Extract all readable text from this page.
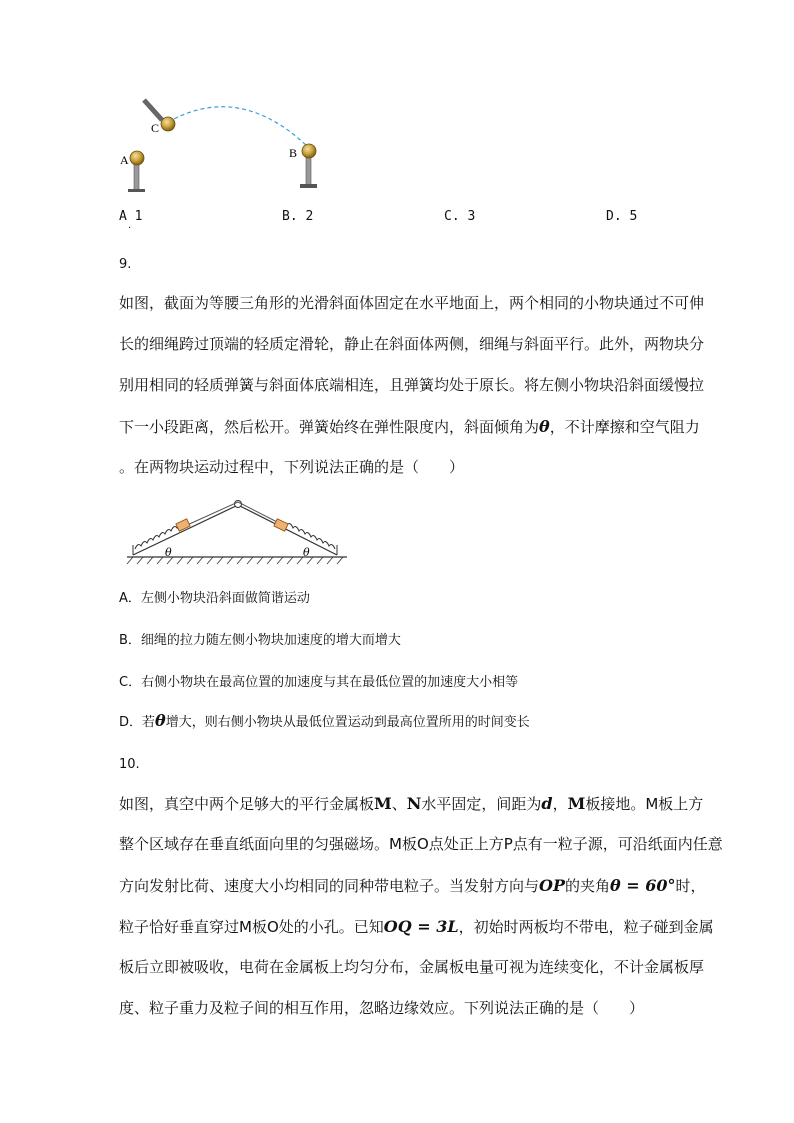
A	B
C
A 1
·
B. 2	C. 3	D. 5
9.
如图，截面为等腰三角形的光滑斜面体固定在水平地面上，两个相同的小物块通过不可伸
长的细绳跨过顶端的轻质定滑轮，静止在斜面体两侧，细绳与斜面平行。此外，两物块分
别用相同的轻质弹簧与斜面体底端相连，且弹簧均处于原长。将左侧小物块沿斜面缓慢拉
下一小段距离，然后松开。弹簧始终在弹性限度内，斜面倾角为θ，不计摩擦和空气阻力
。在两物块运动过程中，下列说法正确的是（　　）
θ	θ
A．左侧小物块沿斜面做简谐运动
B．细绳的拉力随左侧小物块加速度的增大而增大
C．右侧小物块在最高位置的加速度与其在最低位置的加速度大小相等
D．若θ增大，则右侧小物块从最低位置运动到最高位置所用的时间变长
10.
如图，真空中两个足够大的平行金属板M、N水平固定，间距为d，M板接地。M板上方
整个区域存在垂直纸面向里的匀强磁场。M板O点处正上方P点有一粒子源，可沿纸面内任意
方向发射比荷、速度大小均相同的同种带电粒子。当发射方向与OP的夹角θ = 60°时，
粒子恰好垂直穿过M板O处的小孔。已知OQ = 3L，初始时两板均不带电，粒子碰到金属
板后立即被吸收，电荷在金属板上均匀分布，金属板电量可视为连续变化，不计金属板厚
度、粒子重力及粒子间的相互作用，忽略边缘效应。下列说法正确的是（　　）
